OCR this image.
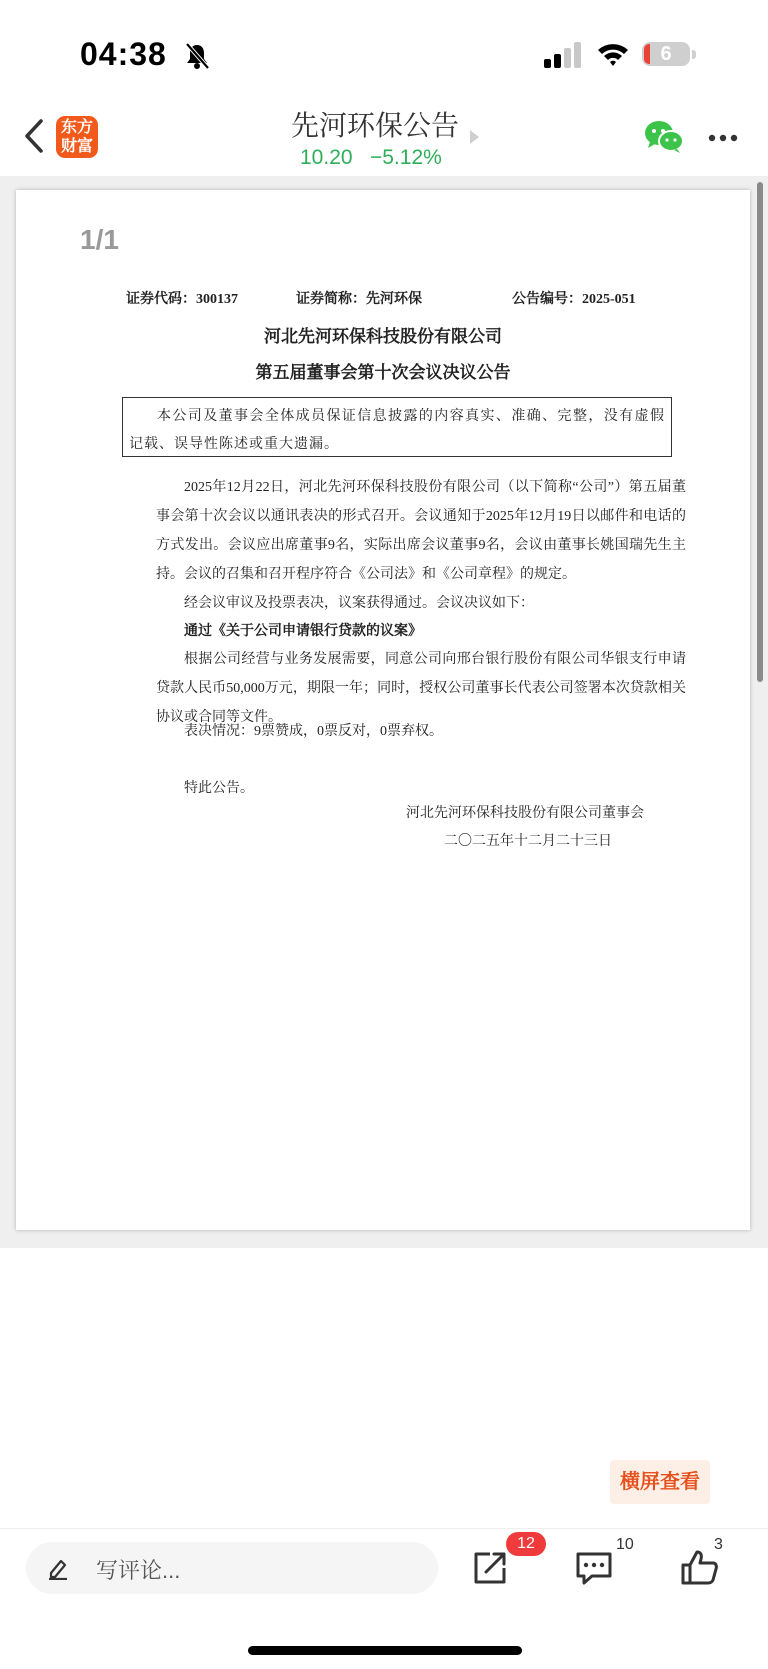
04:38	6
东方
财富
先河环保公告
10.20 −5.12%
1/1
证券代码：300137	证券简称：先河环保	公告编号：2025-051
河北先河环保科技股份有限公司
第五届董事会第十次会议决议公告
本公司及董事会全体成员保证信息披露的内容真实、准确、完整，没有虚假记载、误导性陈述或重大遗漏。
2025年12月22日，河北先河环保科技股份有限公司（以下简称“公司”）第五届董事会第十次会议以通讯表决的形式召开。会议通知于2025年12月19日以邮件和电话的方式发出。会议应出席董事9名，实际出席会议董事9名，会议由董事长姚国瑞先生主持。会议的召集和召开程序符合《公司法》和《公司章程》的规定。
经会议审议及投票表决，议案获得通过。会议决议如下：
通过《关于公司申请银行贷款的议案》
根据公司经营与业务发展需要，同意公司向邢台银行股份有限公司华银支行申请贷款人民币50,000万元，期限一年；同时，授权公司董事长代表公司签署本次贷款相关协议或合同等文件。
表决情况：9票赞成，0票反对，0票弃权。
特此公告。
河北先河环保科技股份有限公司董事会
二〇二五年十二月二十三日
横屏查看
写评论...
12	10	3
